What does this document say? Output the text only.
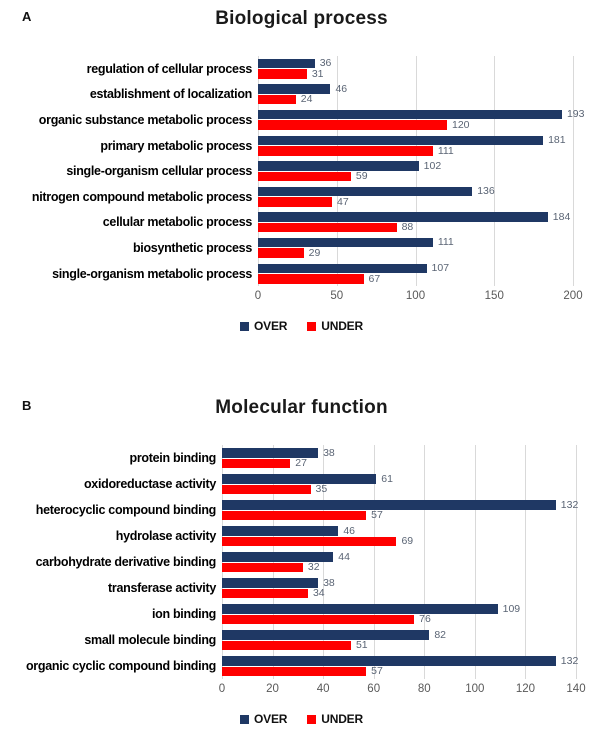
A	Biological process
regulation of cellular process
establishment of localization
organic substance metabolic process
primary metabolic process
single-organism cellular process
nitrogen compound metabolic process
cellular metabolic process
biosynthetic process
single-organism metabolic process
36
31
46
24
193
120
181
111
102
59
136
47
184
88
111
29
107
67
0	50	100	150	200
OVER	UNDER
B	Molecular function
protein binding
oxidoreductase activity
heterocyclic compound binding
hydrolase activity
carbohydrate derivative binding
transferase activity
ion binding
small molecule binding
organic cyclic compound binding
38
27
61
35
132
57
46
69
44
32
38
34
109
76
82
51
132
57
0	20	40	60	80	100	120	140
OVER	UNDER
